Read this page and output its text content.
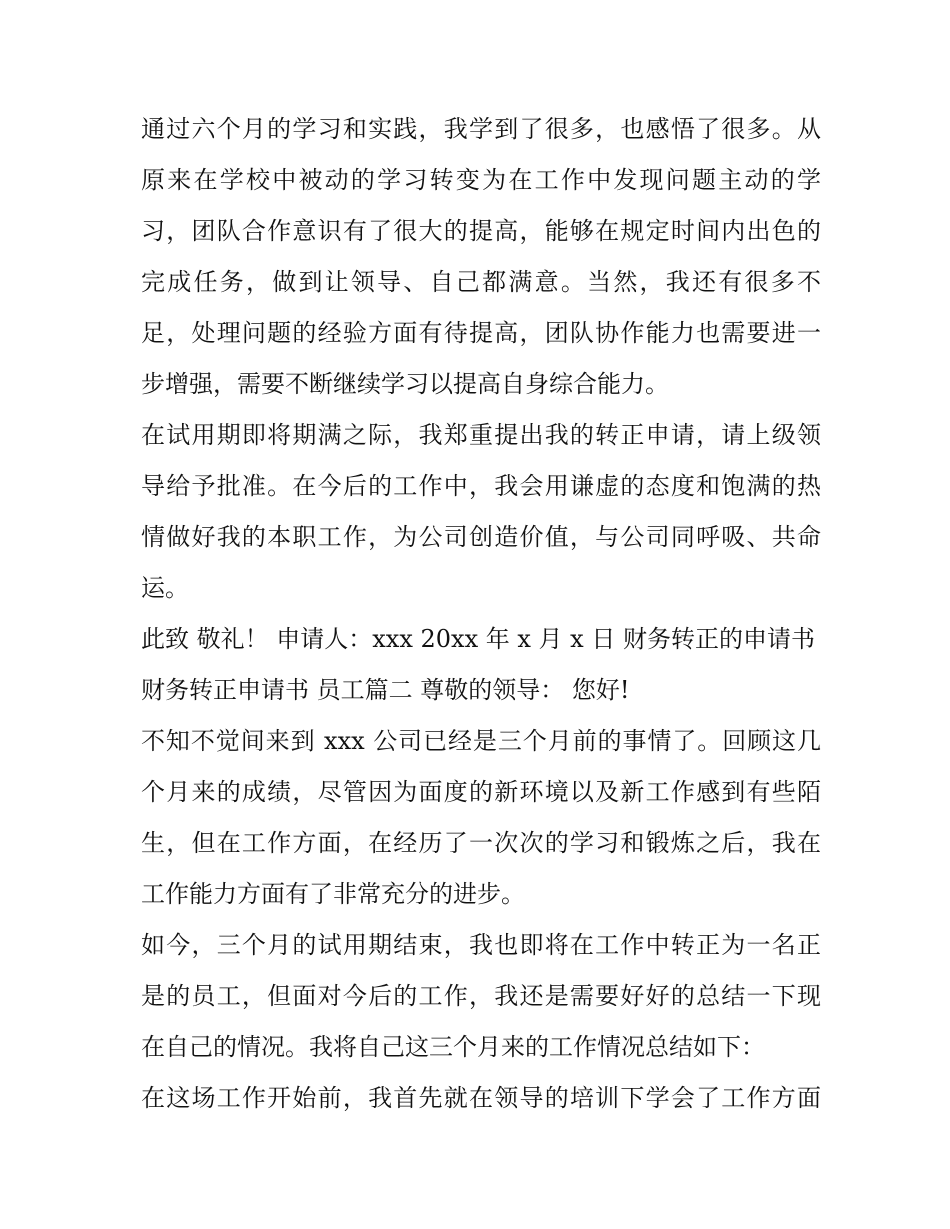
通过六个月的学习和实践，我学到了很多，也感悟了很多。从
原来在学校中被动的学习转变为在工作中发现问题主动的学
习，团队合作意识有了很大的提高，能够在规定时间内出色的
完成任务，做到让领导、自己都满意。当然，我还有很多不
足，处理问题的经验方面有待提高，团队协作能力也需要进一
步增强，需要不断继续学习以提高自身综合能力。
在试用期即将期满之际，我郑重提出我的转正申请，请上级领
导给予批准。在今后的工作中，我会用谦虚的态度和饱满的热
情做好我的本职工作，为公司创造价值，与公司同呼吸、共命
运。
此致 敬礼！ 申请人：xxx 20xx 年 x 月 x 日 财务转正的申请书
财务转正申请书 员工篇二 尊敬的领导： 您好!
不知不觉间来到 xxx 公司已经是三个月前的事情了。回顾这几
个月来的成绩，尽管因为面度的新环境以及新工作感到有些陌
生，但在工作方面，在经历了一次次的学习和锻炼之后，我在
工作能力方面有了非常充分的进步。
如今，三个月的试用期结束，我也即将在工作中转正为一名正
是的员工，但面对今后的工作，我还是需要好好的总结一下现
在自己的情况。我将自己这三个月来的工作情况总结如下：
在这场工作开始前，我首先就在领导的培训下学会了工作方面
